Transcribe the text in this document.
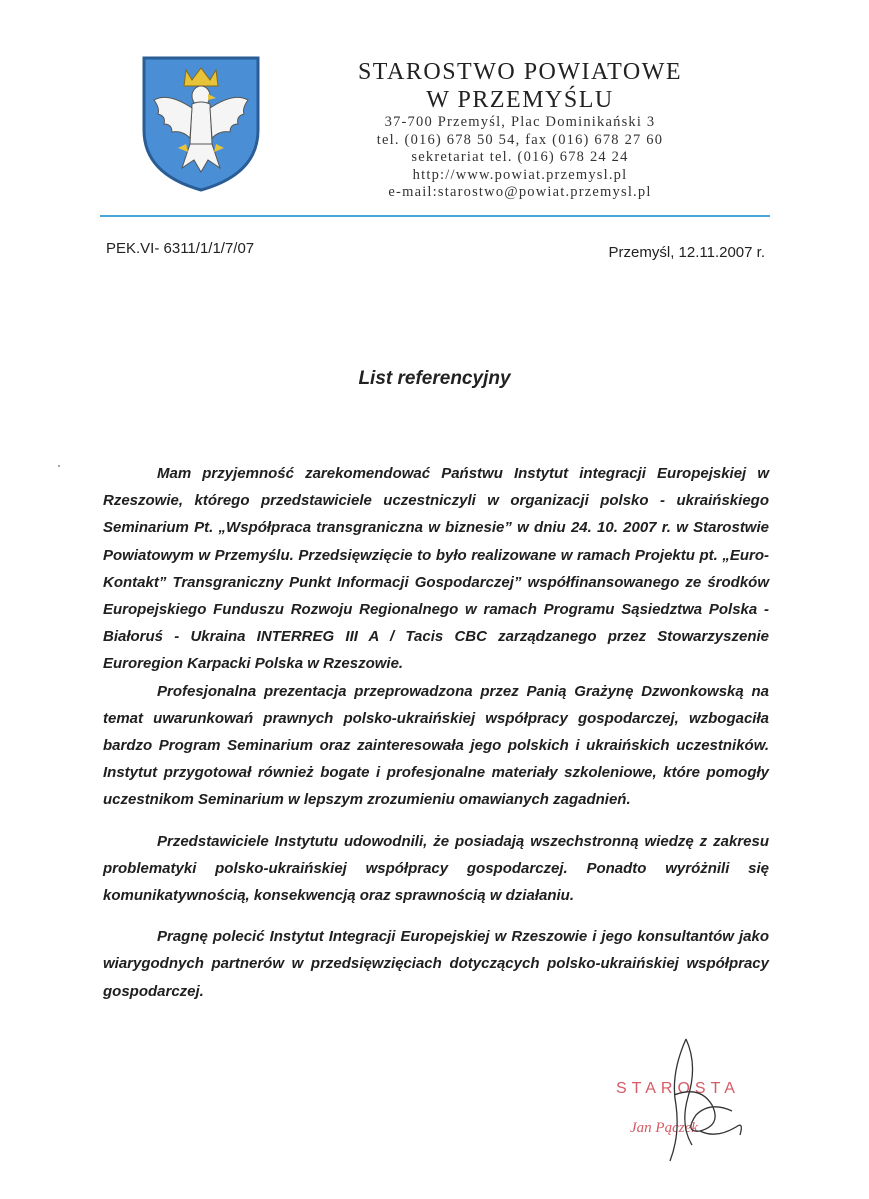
STAROSTWO POWIATOWE
W PRZEMYŚLU
37-700 Przemyśl, Plac Dominikański 3
tel. (016) 678 50 54, fax (016) 678 27 60
sekretariat tel. (016) 678 24 24
http://www.powiat.przemysl.pl
e-mail:starostwo@powiat.przemysl.pl
PEK.VI- 6311/1/1/7/07	Przemyśl, 12.11.2007 r.
List referencyjny

Mam przyjemność zarekomendować Państwu Instytut integracji Europejskiej w Rzeszowie, którego przedstawiciele uczestniczyli w organizacji polsko - ukraińskiego Seminarium Pt. „Współpraca transgraniczna w biznesie” w dniu 24. 10. 2007 r. w Starostwie Powiatowym w Przemyślu. Przedsięwzięcie to było realizowane w ramach Projektu pt. „Euro-Kontakt” Transgraniczny Punkt Informacji Gospodarczej” współfinansowanego ze środków Europejskiego Funduszu Rozwoju Regionalnego w ramach Programu Sąsiedztwa Polska - Białoruś - Ukraina INTERREG III A / Tacis CBC zarządzanego przez Stowarzyszenie Euroregion Karpacki Polska w Rzeszowie.

Profesjonalna prezentacja przeprowadzona przez Panią Grażynę Dzwonkowską na temat uwarunkowań prawnych polsko-ukraińskiej współpracy gospodarczej, wzbogaciła bardzo Program Seminarium oraz zainteresowała jego polskich i ukraińskich uczestników. Instytut przygotował również bogate i profesjonalne materiały szkoleniowe, które pomogły uczestnikom Seminarium w lepszym zrozumieniu omawianych zagadnień.

Przedstawiciele Instytutu udowodnili, że posiadają wszechstronną wiedzę z zakresu problematyki polsko-ukraińskiej współpracy gospodarczej. Ponadto wyróżnili się komunikatywnością, konsekwencją oraz sprawnością w działaniu.

Pragnę polecić Instytut Integracji Europejskiej w Rzeszowie i jego konsultantów jako wiarygodnych partnerów w przedsięwzięciach dotyczących polsko-ukraińskiej współpracy gospodarczej.

STAROSTA
Jan Pączek
